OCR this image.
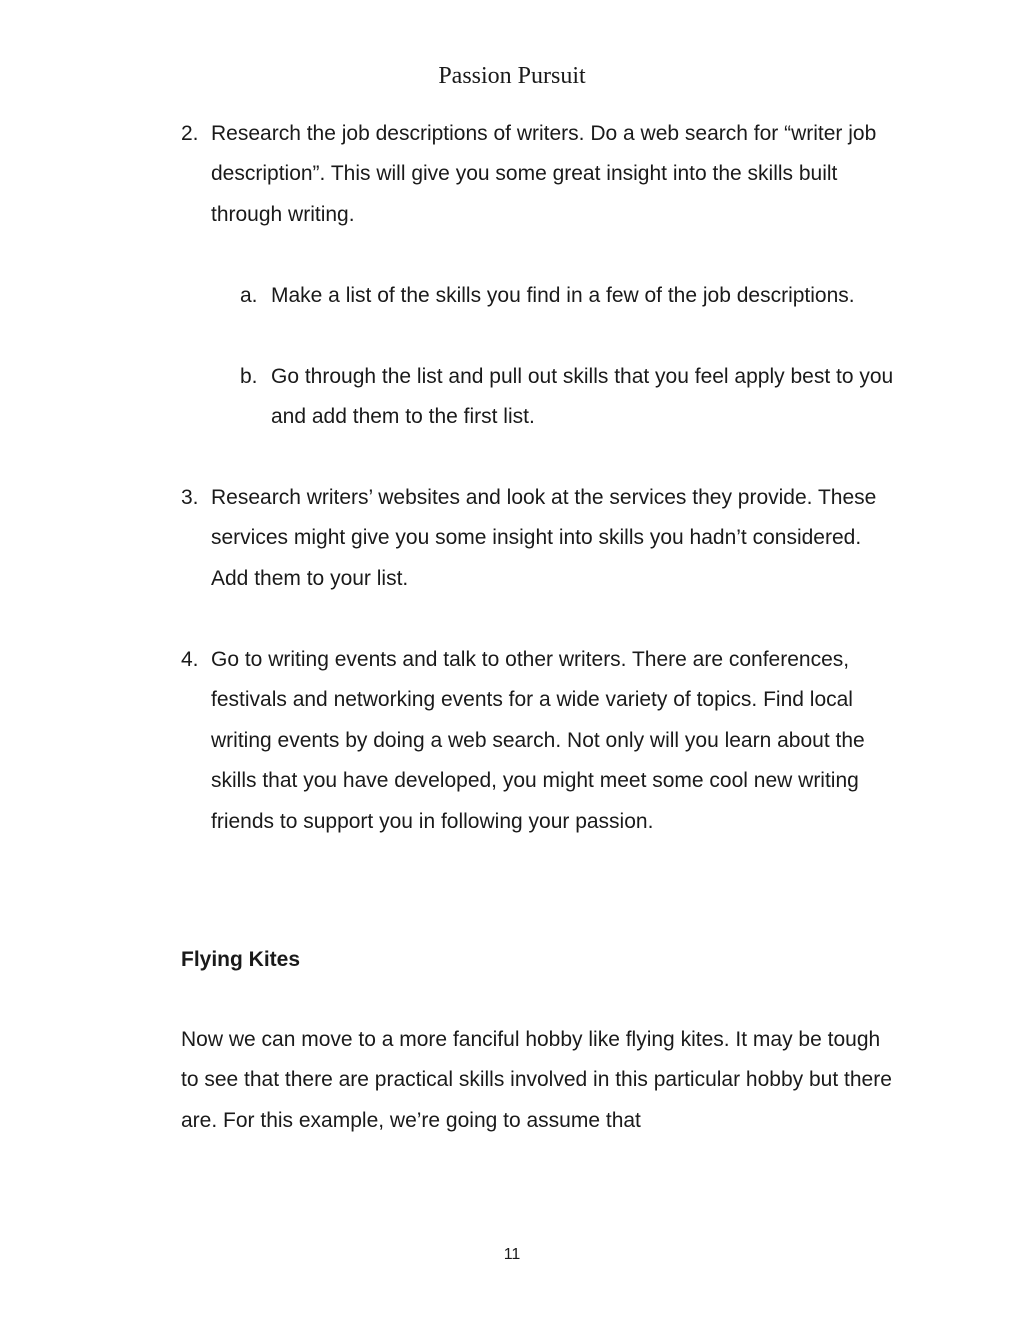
Passion Pursuit
2. Research the job descriptions of writers. Do a web search for “writer job description”. This will give you some great insight into the skills built through writing.
a. Make a list of the skills you find in a few of the job descriptions.
b. Go through the list and pull out skills that you feel apply best to you and add them to the first list.
3. Research writers’ websites and look at the services they provide. These services might give you some insight into skills you hadn’t considered. Add them to your list.
4. Go to writing events and talk to other writers. There are conferences, festivals and networking events for a wide variety of topics. Find local writing events by doing a web search. Not only will you learn about the skills that you have developed, you might meet some cool new writing friends to support you in following your passion.
Flying Kites
Now we can move to a more fanciful hobby like flying kites. It may be tough to see that there are practical skills involved in this particular hobby but there are. For this example, we’re going to assume that
11
